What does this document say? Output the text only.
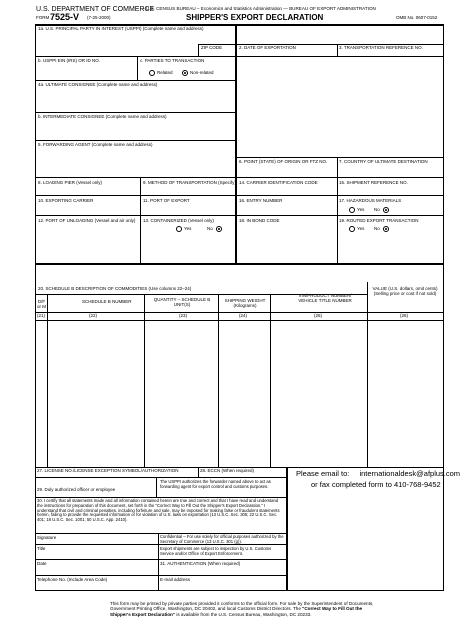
U.S. DEPARTMENT OF COMMERCE
— U.S. CENSUS BUREAU – Economics and Statistics Administration — BUREAU OF EXPORT ADMINISTRATION
FORM 7525-V (7-25-2000)	SHIPPER'S EXPORT DECLARATION	OMB No. 0607-0152
1a. U.S. PRINCIPAL PARTY IN INTEREST (USPPI) (Complete name and address)
ZIP CODE	2. DATE OF EXPORTATION	3. TRANSPORTATION REFERENCE NO.
b. USPPI EIN (IRS) OR ID NO.	c. PARTIES TO TRANSACTION
Related	Non-related
4a. ULTIMATE CONSIGNEE (Complete name and address)
b. INTERMEDIATE CONSIGNEE (Complete name and address)
5. FORWARDING AGENT (Complete name and address)
6. POINT (STATE) OF ORIGIN OR FTZ NO.	7. COUNTRY OF ULTIMATE DESTINATION
8. LOADING PIER (Vessel only)	9. METHOD OF TRANSPORTATION (Specify) 14. CARRIER IDENTIFICATION CODE	15. SHIPMENT REFERENCE NO.
10. EXPORTING CARRIER	11. PORT OF EXPORT	16. ENTRY NUMBER	17. HAZARDOUS MATERIALS
Yes No
12. PORT OF UNLOADING (Vessel and air only) 13. CONTAINERIZED (Vessel only)
Yes	No
18. IN BOND CODE	19. ROUTED EXPORT TRANSACTION
Yes No
20. SCHEDULE B DESCRIPTION OF COMMODITIES (Use columns 22–24)	VALUE (U.S. dollars, omit cents) (Selling price or cost if not sold)
D/F or M
SCHEDULE B NUMBER	QUANTITY – SCHEDULE B UNIT(S)
SHIPPING WEIGHT (Kilograms)
VIN/PRODUCT NUMBER/ VEHICLE TITLE NUMBER
(21)	(22)	(23)	(24)	(25)	(26)
27. LICENSE NO./LICENSE EXCEPTION SYMBOL/AUTHORIZATION	28. ECCN (When required)	Please email to: internationaldesk@afplus.com
or fax completed form to 410-768-9452
29. Duly authorized officer or employee
The USPPI authorizes the forwarder named above to act as forwarding agent for export control and customs purposes.
30. I certify that all statements made and all information contained herein are true and correct and that I have read and understand the instructions for preparation of this document, set forth in the "Correct Way to Fill Out the Shipper's Export Declaration." I understand that civil and criminal penalties, including forfeiture and sale, may be imposed for making false or fraudulent statements herein, failing to provide the requested information or for violation of U.S. laws on exportation (13 U.S.C. Sec. 305; 22 U.S.C. Sec. 401; 18 U.S.C. Sec. 1001; 50 U.S.C. App. 2410).
Signature	Confidential – For use solely for official purposes authorized by the Secretary of Commerce (13 U.S.C. 301 (g)).
Title	Export shipments are subject to inspection by U.S. Customs Service and/or Office of Export Enforcement.
Date	31. AUTHENTICATION (When required)
Telephone No. (Include Area Code)	E-mail address
This form may be printed by private parties provided it conforms to the official form. For sale by the Superintendent of Documents, Government Printing Office, Washington, DC 20402, and local Customs District Directors. The "Correct Way to Fill Out the Shipper's Export Declaration" is available from the U.S. Census Bureau, Washington, DC 20233.
